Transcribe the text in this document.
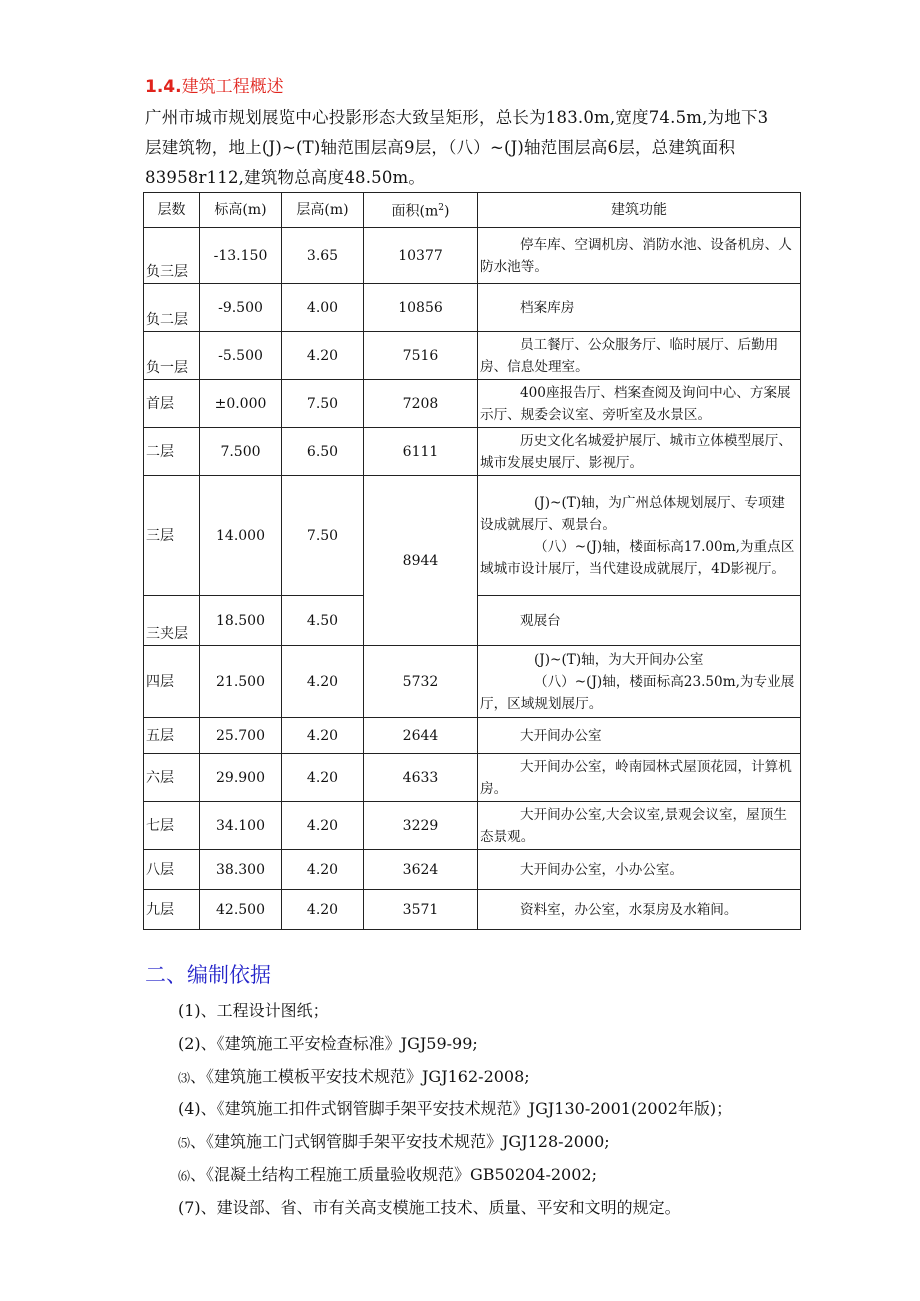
1.4.建筑工程概述

广州市城市规划展览中心投影形态大致呈矩形，总长为183.0m,宽度74.5m,为地下3
层建筑物，地上(J)~(T)轴范围层高9层，（八）~(J)轴范围层高6层，总建筑面积
83958r112,建筑物总高度48.50m。

层数	标高(m)	层高(m)	面积$(m^2)$	建筑功能
负三层	-13.150	3.65	10377	停车库、空调机房、消防水池、设备机房、人防水池等。

负二层	-9.500	4.00	10856	档案库房

负一层	-5.500	4.20	7516	员工餐厅、公众服务厅、临时展厅、后勤用房、信息处理室。

首层	±0.000	7.50	7208	400座报告厅、档案查阅及询问中心、方案展示厅、规委会议室、旁听室及水景区。

二层	7.500	6.50	6111	历史文化名城爱护展厅、城市立体模型展厅、城市发展史展厅、影视厅。

三层	14.000	7.50	8944	(J)~(T)轴，为广州总体规划展厅、专项建设成就展厅、观景台。
（八）~(J)轴，楼面标高17.00m,为重点区域城市设计展厅，当代建设成就展厅，4D影视厅。

三夹层	18.500	4.50		观展台

四层	21.500	4.20	5732	(J)~(T)轴，为大开间办公室
（八）~(J)轴，楼面标高23.50m,为专业展厅，区域规划展厅。

五层	25.700	4.20	2644	大开间办公室

六层	29.900	4.20	4633	大开间办公室，岭南园林式屋顶花园，计算机房。

七层	34.100	4.20	3229	大开间办公室,大会议室,景观会议室，屋顶生态景观。

八层	38.300	4.20	3624	大开间办公室，小办公室。

九层	42.500	4.20	3571	资料室，办公室，水泵房及水箱间。
二、编制依据
(1)、工程设计图纸；
(2)、《建筑施工平安检查标准》JGJ59-99;
⑶、《建筑施工模板平安技术规范》JGJ162-2008;
(4)、《建筑施工扣件式钢管脚手架平安技术规范》JGJ130-2001(2002年版)；
⑸、《建筑施工门式钢管脚手架平安技术规范》JGJ128-2000;
⑹、《混凝土结构工程施工质量验收规范》GB50204-2002;
(7)、建设部、省、市有关高支模施工技术、质量、平安和文明的规定。
